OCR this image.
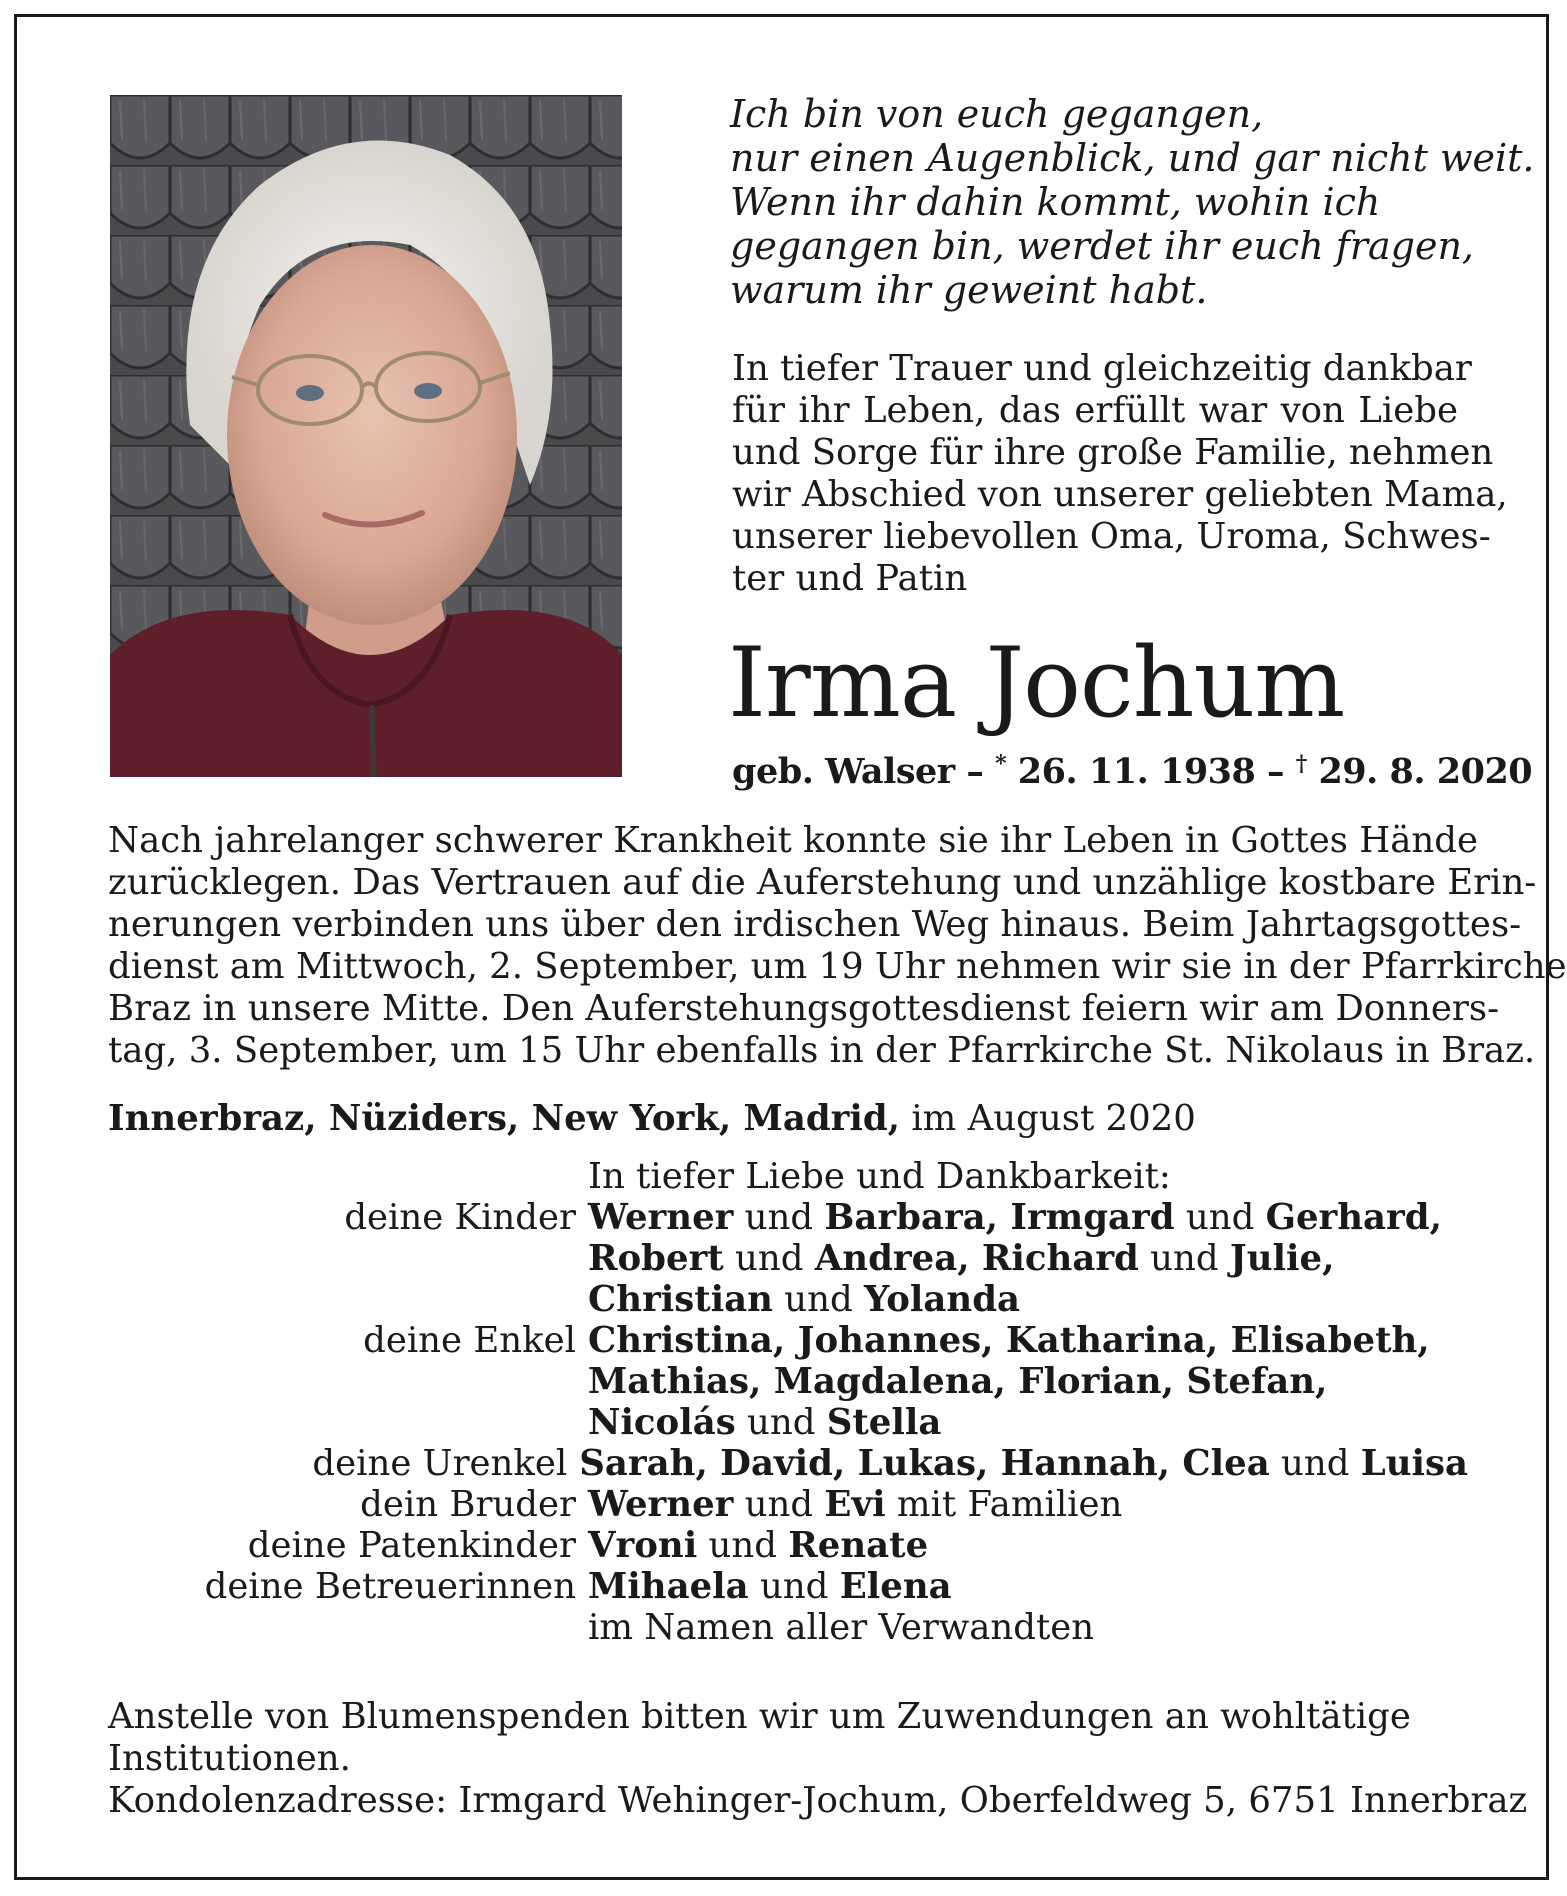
Ich bin von euch gegangen,
nur einen Augenblick, und gar nicht weit.
Wenn ihr dahin kommt, wohin ich
gegangen bin, werdet ihr euch fragen,
warum ihr geweint habt.
In tiefer Trauer und gleichzeitig dankbar
für ihr Leben, das erfüllt war von Liebe
und Sorge für ihre große Familie, nehmen
wir Abschied von unserer geliebten Mama,
unserer liebevollen Oma, Uroma, Schwes-
ter und Patin
Irma Jochum
geb. Walser – * 26. 11. 1938 – † 29. 8. 2020
Nach jahrelanger schwerer Krankheit konnte sie ihr Leben in Gottes Hände
zurücklegen. Das Vertrauen auf die Auferstehung und unzählige kostbare Erin-
nerungen verbinden uns über den irdischen Weg hinaus. Beim Jahrtagsgottes-
dienst am Mittwoch, 2. September, um 19 Uhr nehmen wir sie in der Pfarrkirche
Braz in unsere Mitte. Den Auferstehungsgottesdienst feiern wir am Donners-
tag, 3. September, um 15 Uhr ebenfalls in der Pfarrkirche St. Nikolaus in Braz.
Innerbraz, Nüziders, New York, Madrid, im August 2020
In tiefer Liebe und Dankbarkeit:
deine Kinder Werner und Barbara, Irmgard und Gerhard,
Robert und Andrea, Richard und Julie,
Christian und Yolanda
deine Enkel Christina, Johannes, Katharina, Elisabeth,
Mathias, Magdalena, Florian, Stefan,
Nicolás und Stella
deine Urenkel Sarah, David, Lukas, Hannah, Clea und Luisa
dein Bruder Werner und Evi mit Familien
deine Patenkinder Vroni und Renate
deine Betreuerinnen Mihaela und Elena
im Namen aller Verwandten
Anstelle von Blumenspenden bitten wir um Zuwendungen an wohltätige
Institutionen.
Kondolenzadresse: Irmgard Wehinger-Jochum, Oberfeldweg 5, 6751 Innerbraz
